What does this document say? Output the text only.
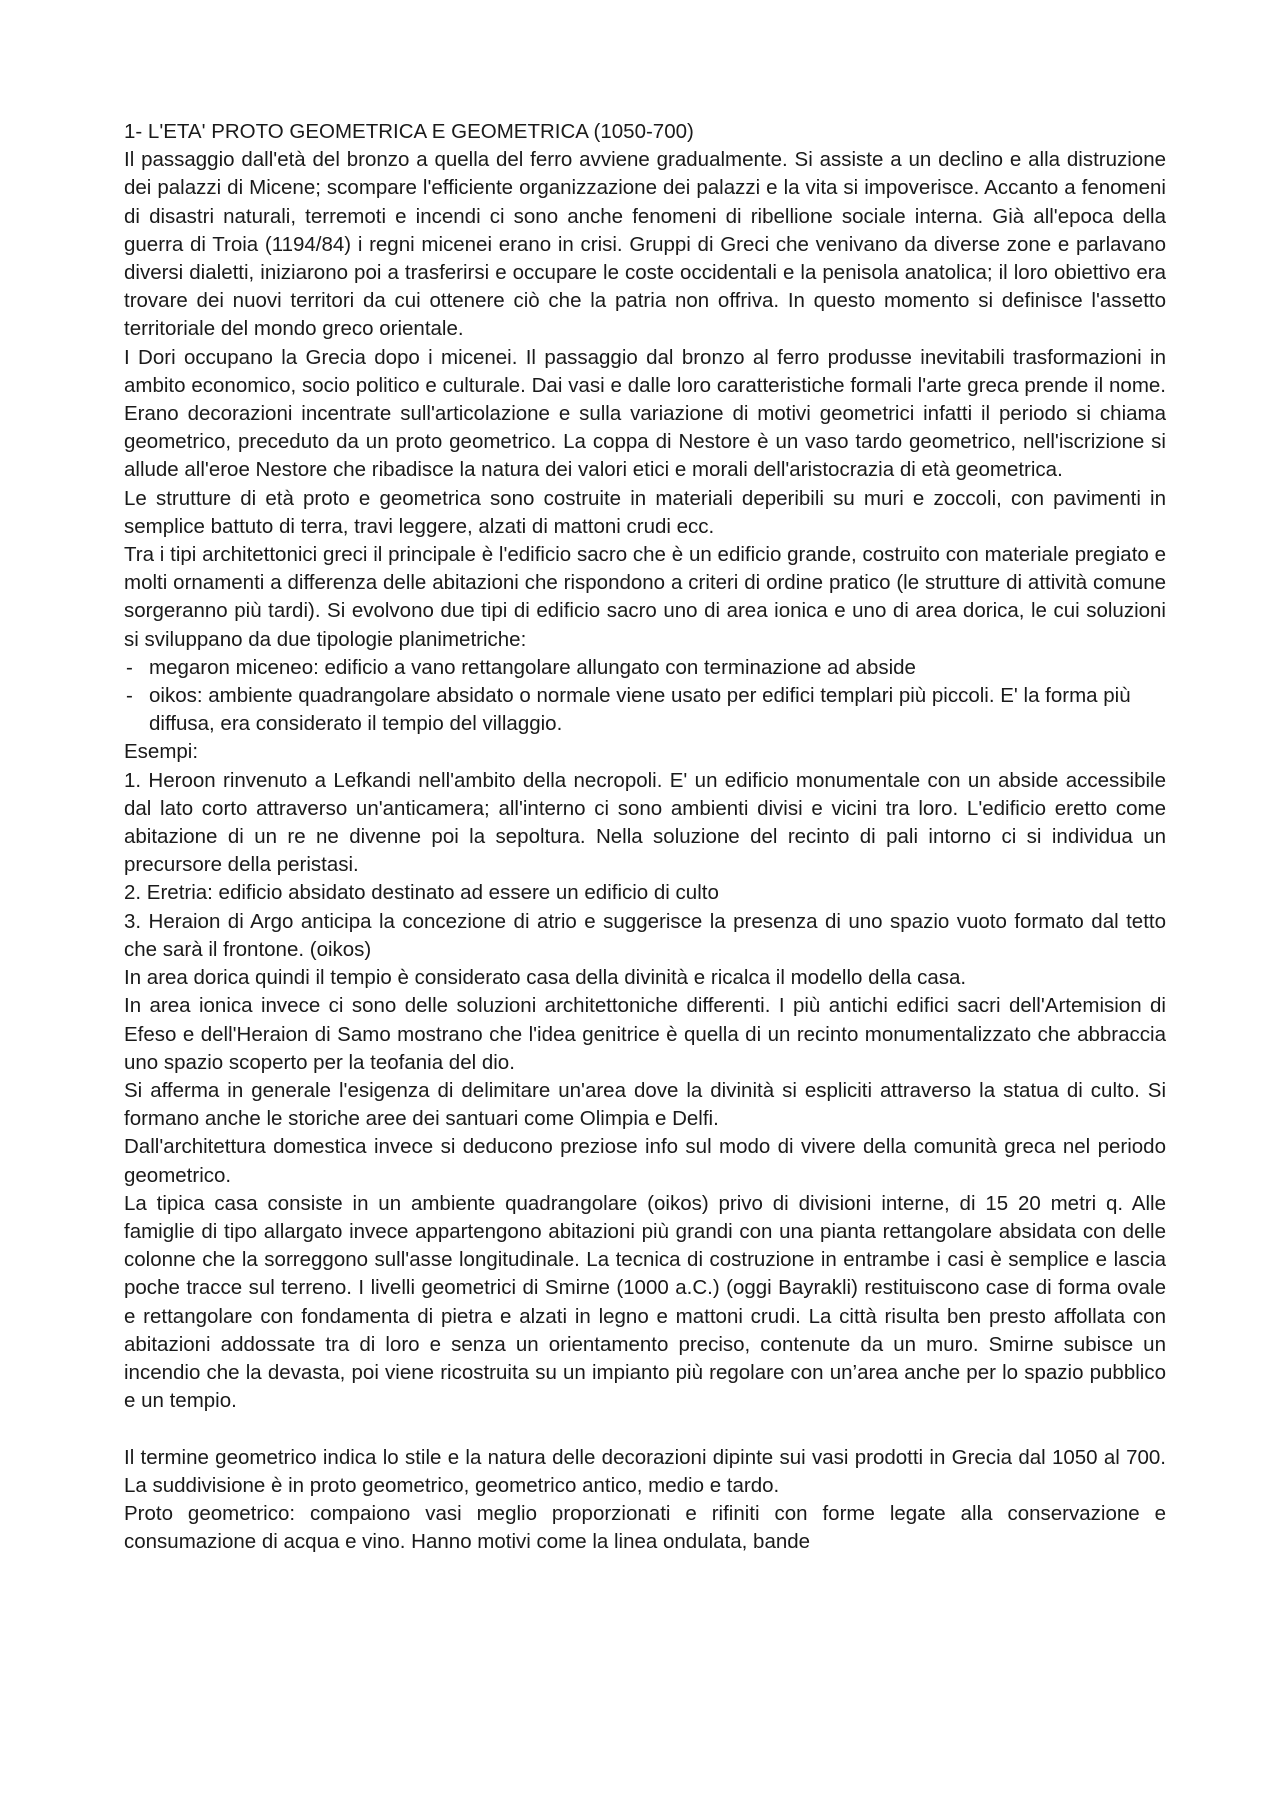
1- L'ETA' PROTO GEOMETRICA E GEOMETRICA (1050-700)

Il passaggio dall'età del bronzo a quella del ferro avviene gradualmente. Si assiste a un declino e alla distruzione dei palazzi di Micene; scompare l'efficiente organizzazione dei palazzi e la vita si impoverisce. Accanto a fenomeni di disastri naturali, terremoti e incendi ci sono anche fenomeni di ribellione sociale interna. Già all'epoca della guerra di Troia (1194/84) i regni micenei erano in crisi. Gruppi di Greci che venivano da diverse zone e parlavano diversi dialetti, iniziarono poi a trasferirsi e occupare le coste occidentali e la penisola anatolica; il loro obiettivo era trovare dei nuovi territori da cui ottenere ciò che la patria non offriva. In questo momento si definisce l'assetto territoriale del mondo greco orientale.

I Dori occupano la Grecia dopo i micenei. Il passaggio dal bronzo al ferro produsse inevitabili trasformazioni in ambito economico, socio politico e culturale. Dai vasi e dalle loro caratteristiche formali l'arte greca prende il nome. Erano decorazioni incentrate sull'articolazione e sulla variazione di motivi geometrici infatti il periodo si chiama geometrico, preceduto da un proto geometrico. La coppa di Nestore è un vaso tardo geometrico, nell'iscrizione si allude all'eroe Nestore che ribadisce la natura dei valori etici e morali dell'aristocrazia di età geometrica.

Le strutture di età proto e geometrica sono costruite in materiali deperibili su muri e zoccoli, con pavimenti in semplice battuto di terra, travi leggere, alzati di mattoni crudi ecc.

Tra i tipi architettonici greci il principale è l'edificio sacro che è un edificio grande, costruito con materiale pregiato e molti ornamenti a differenza delle abitazioni che rispondono a criteri di ordine pratico (le strutture di attività comune sorgeranno più tardi). Si evolvono due tipi di edificio sacro uno di area ionica e uno di area dorica, le cui soluzioni si sviluppano da due tipologie planimetriche:

- megaron miceneo: edificio a vano rettangolare allungato con terminazione ad abside
- oikos: ambiente quadrangolare absidato o normale viene usato per edifici templari più piccoli. E' la forma più diffusa, era considerato il tempio del villaggio.

Esempi:

1. Heroon rinvenuto a Lefkandi nell'ambito della necropoli. E' un edificio monumentale con un abside accessibile dal lato corto attraverso un'anticamera; all'interno ci sono ambienti divisi e vicini tra loro. L'edificio eretto come abitazione di un re ne divenne poi la sepoltura. Nella soluzione del recinto di pali intorno ci si individua un precursore della peristasi.

2. Eretria: edificio absidato destinato ad essere un edificio di culto

3. Heraion di Argo anticipa la concezione di atrio e suggerisce la presenza di uno spazio vuoto formato dal tetto che sarà il frontone. (oikos)

In area dorica quindi il tempio è considerato casa della divinità e ricalca il modello della casa.

In area ionica invece ci sono delle soluzioni architettoniche differenti. I più antichi edifici sacri dell'Artemision di Efeso e dell'Heraion di Samo mostrano che l'idea genitrice è quella di un recinto monumentalizzato che abbraccia uno spazio scoperto per la teofania del dio.

Si afferma in generale l'esigenza di delimitare un'area dove la divinità si espliciti attraverso la statua di culto. Si formano anche le storiche aree dei santuari come Olimpia e Delfi.

Dall'architettura domestica invece si deducono preziose info sul modo di vivere della comunità greca nel periodo geometrico.

La tipica casa consiste in un ambiente quadrangolare (oikos) privo di divisioni interne, di 15 20 metri q. Alle famiglie di tipo allargato invece appartengono abitazioni più grandi con una pianta rettangolare absidata con delle colonne che la sorreggono sull'asse longitudinale. La tecnica di costruzione in entrambe i casi è semplice e lascia poche tracce sul terreno. I livelli geometrici di Smirne (1000 a.C.) (oggi Bayrakli) restituiscono case di forma ovale e rettangolare con fondamenta di pietra e alzati in legno e mattoni crudi. La città risulta ben presto affollata con abitazioni addossate tra di loro e senza un orientamento preciso, contenute da un muro. Smirne subisce un incendio che la devasta, poi viene ricostruita su un impianto più regolare con un’area anche per lo spazio pubblico e un tempio.

Il termine geometrico indica lo stile e la natura delle decorazioni dipinte sui vasi prodotti in Grecia dal 1050 al 700. La suddivisione è in proto geometrico, geometrico antico, medio e tardo.

Proto geometrico: compaiono vasi meglio proporzionati e rifiniti con forme legate alla conservazione e consumazione di acqua e vino. Hanno motivi come la linea ondulata, bande
